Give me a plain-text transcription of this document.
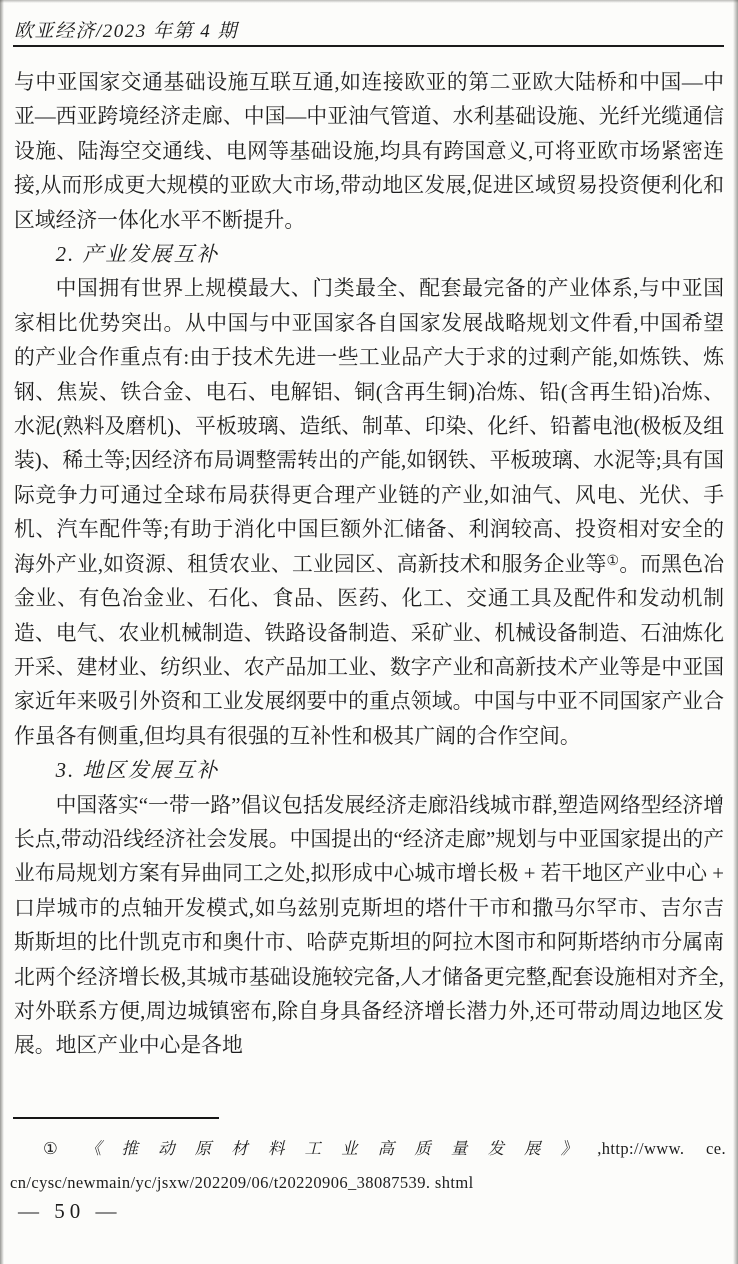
欧亚经济/2023 年第 4 期

与中亚国家交通基础设施互联互通,如连接欧亚的第二亚欧大陆桥和中国—中亚—西亚跨境经济走廊、中国—中亚油气管道、水利基础设施、光纤光缆通信设施、陆海空交通线、电网等基础设施,均具有跨国意义,可将亚欧市场紧密连接,从而形成更大规模的亚欧大市场,带动地区发展,促进区域贸易投资便利化和区域经济一体化水平不断提升。

2. 产业发展互补

中国拥有世界上规模最大、门类最全、配套最完备的产业体系,与中亚国家相比优势突出。从中国与中亚国家各自国家发展战略规划文件看,中国希望的产业合作重点有:由于技术先进一些工业品产大于求的过剩产能,如炼铁、炼钢、焦炭、铁合金、电石、电解铝、铜(含再生铜)冶炼、铅(含再生铅)冶炼、水泥(熟料及磨机)、平板玻璃、造纸、制革、印染、化纤、铅蓄电池(极板及组装)、稀土等;因经济布局调整需转出的产能,如钢铁、平板玻璃、水泥等;具有国际竞争力可通过全球布局获得更合理产业链的产业,如油气、风电、光伏、手机、汽车配件等;有助于消化中国巨额外汇储备、利润较高、投资相对安全的海外产业,如资源、租赁农业、工业园区、高新技术和服务企业等①。而黑色冶金业、有色冶金业、石化、食品、医药、化工、交通工具及配件和发动机制造、电气、农业机械制造、铁路设备制造、采矿业、机械设备制造、石油炼化开采、建材业、纺织业、农产品加工业、数字产业和高新技术产业等是中亚国家近年来吸引外资和工业发展纲要中的重点领域。中国与中亚不同国家产业合作虽各有侧重,但均具有很强的互补性和极其广阔的合作空间。

3. 地区发展互补

中国落实“一带一路”倡议包括发展经济走廊沿线城市群,塑造网络型经济增长点,带动沿线经济社会发展。中国提出的“经济走廊”规划与中亚国家提出的产业布局规划方案有异曲同工之处,拟形成中心城市增长极 + 若干地区产业中心 + 口岸城市的点轴开发模式,如乌兹别克斯坦的塔什干市和撒马尔罕市、吉尔吉斯斯坦的比什凯克市和奥什市、哈萨克斯坦的阿拉木图市和阿斯塔纳市分属南北两个经济增长极,其城市基础设施较完备,人才储备更完整,配套设施相对齐全,对外联系方便,周边城镇密布,除自身具备经济增长潜力外,还可带动周边地区发展。地区产业中心是各地

① 《推动原材料工业高质量发展》,http://www. ce. cn/cysc/newmain/yc/jsxw/202209/06/t20220906_38087539. shtml

— 50 —
